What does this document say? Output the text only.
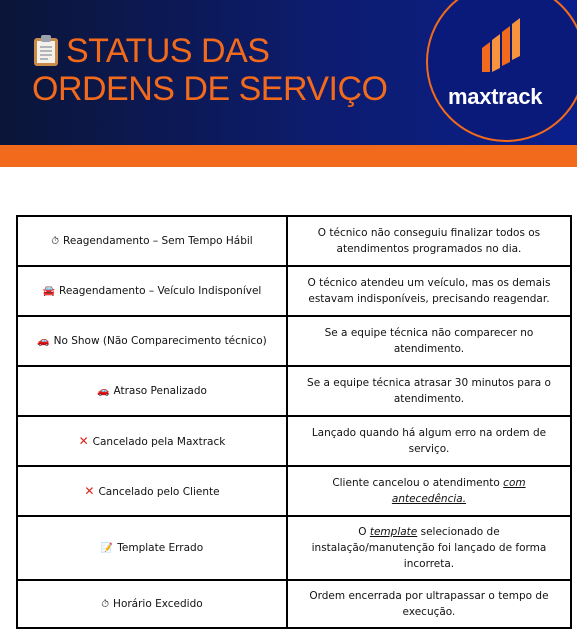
maxtrack
STATUS DAS
ORDENS DE SERVIÇO
⏱ Reagendamento – Sem Tempo Hábil	O técnico não conseguiu finalizar todos os atendimentos programados no dia.
🚘 Reagendamento – Veículo Indisponível	O técnico atendeu um veículo, mas os demais estavam indisponíveis, precisando reagendar.
🚗 No Show (Não Comparecimento técnico)	Se a equipe técnica não comparecer no atendimento.
🚗 Atraso Penalizado	Se a equipe técnica atrasar 30 minutos para o atendimento.
✕ Cancelado pela Maxtrack	Lançado quando há algum erro na ordem de serviço.
✕ Cancelado pelo Cliente	Cliente cancelou o atendimento com antecedência.
📝 Template Errado	O template selecionado de instalação/manutenção foi lançado de forma incorreta.
⏱ Horário Excedido	Ordem encerrada por ultrapassar o tempo de execução.
